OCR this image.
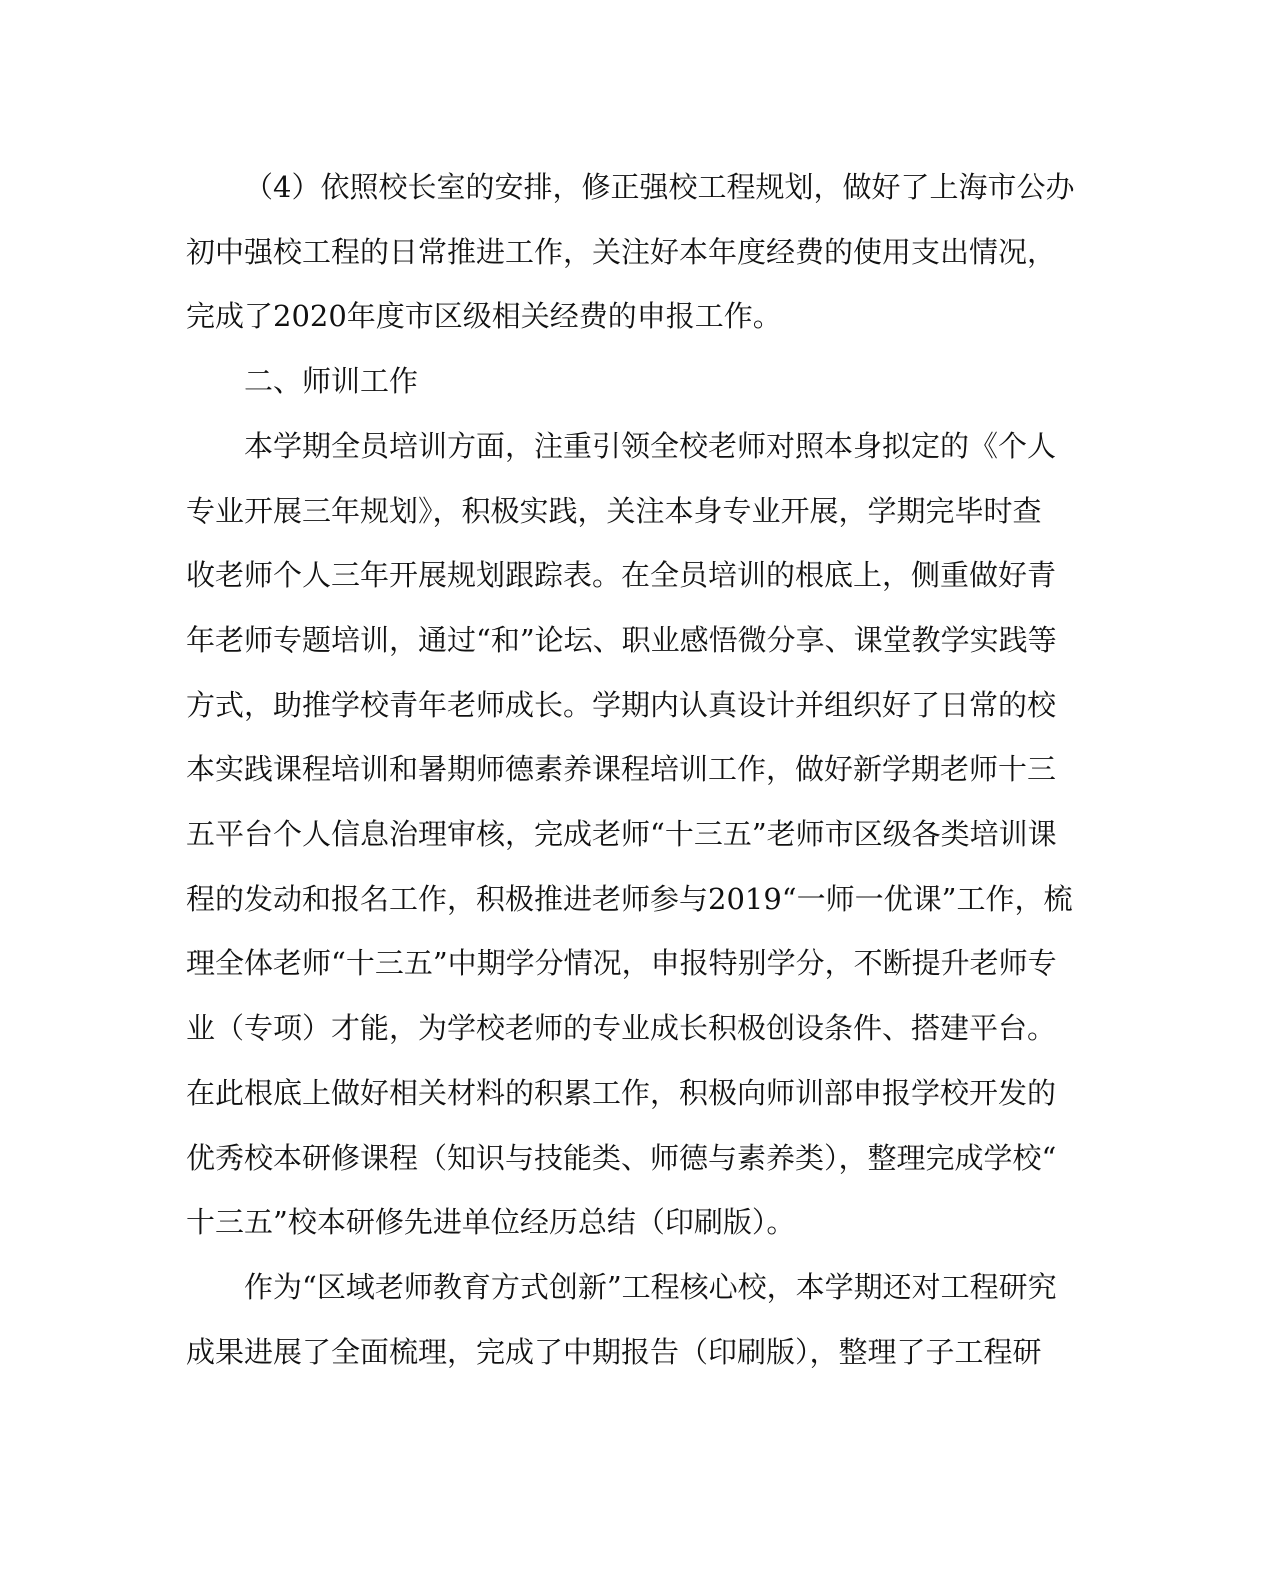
（4）依照校长室的安排，修正强校工程规划，做好了上海市公办
初中强校工程的日常推进工作，关注好本年度经费的使用支出情况，
完成了2020年度市区级相关经费的申报工作。
二、师训工作
本学期全员培训方面，注重引领全校老师对照本身拟定的《个人
专业开展三年规划》，积极实践，关注本身专业开展，学期完毕时查
收老师个人三年开展规划跟踪表。在全员培训的根底上，侧重做好青
年老师专题培训，通过“和”论坛、职业感悟微分享、课堂教学实践等
方式，助推学校青年老师成长。学期内认真设计并组织好了日常的校
本实践课程培训和暑期师德素养课程培训工作，做好新学期老师十三
五平台个人信息治理审核，完成老师“十三五”老师市区级各类培训课
程的发动和报名工作，积极推进老师参与2019“一师一优课”工作，梳
理全体老师“十三五”中期学分情况，申报特别学分，不断提升老师专
业（专项）才能，为学校老师的专业成长积极创设条件、搭建平台。
在此根底上做好相关材料的积累工作，积极向师训部申报学校开发的
优秀校本研修课程（知识与技能类、师德与素养类），整理完成学校“
十三五”校本研修先进单位经历总结（印刷版）。
作为“区域老师教育方式创新”工程核心校，本学期还对工程研究
成果进展了全面梳理，完成了中期报告（印刷版），整理了子工程研
